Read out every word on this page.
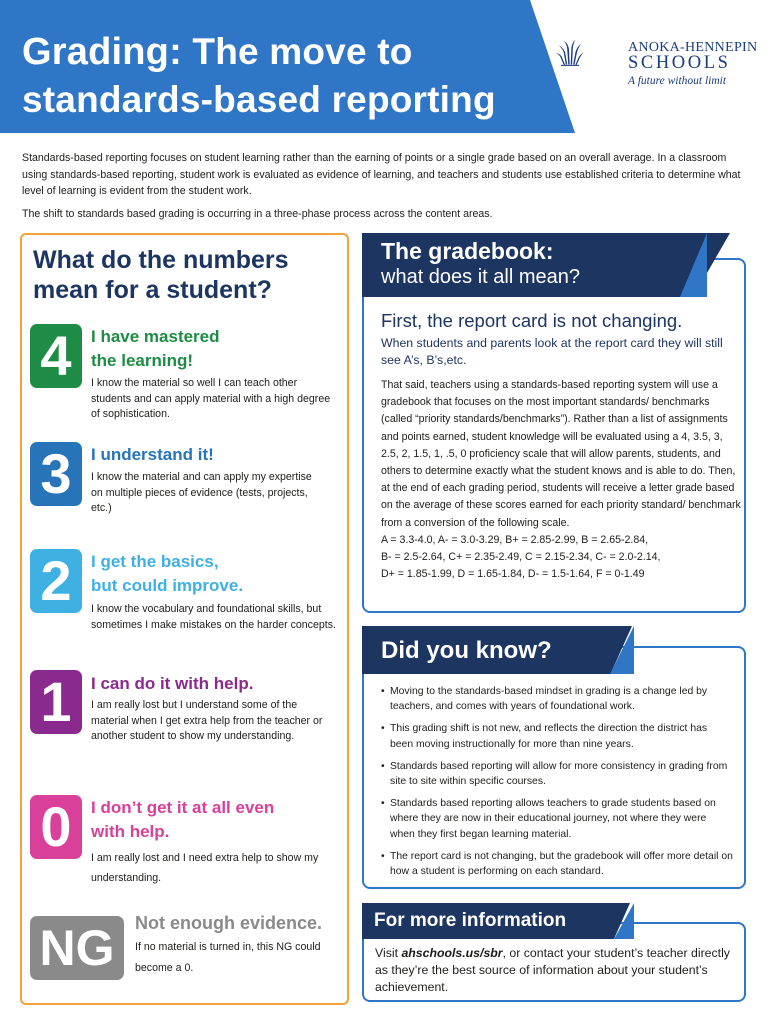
Grading: The move to
standards-based reporting
ANOKA-HENNEPIN
SCHOOLS
A future without limit

Standards-based reporting focuses on student learning rather than the earning of points or a single grade based on an overall average. In a classroom using standards-based reporting, student work is evaluated as evidence of learning, and teachers and students use established criteria to determine what level of learning is evident from the student work.

The shift to standards based grading is occurring in a three-phase process across the content areas.

What do the numbers mean for a student?
4	I have mastered
the learning!
I know the material so well I can teach other students and can apply material with a high degree of sophistication.
3	I understand it!
I know the material and can apply my expertise on multiple pieces of evidence (tests, projects, etc.)
2	I get the basics,
but could improve.
I know the vocabulary and foundational skills, but sometimes I make mistakes on the harder concepts.
1	I can do it with help.
I am really lost but I understand some of the material when I get extra help from the teacher or another student to show my understanding.
0	I don’t get it at all even
with help.
I am really lost and I need extra help to show my understanding.
NG	Not enough evidence.
If no material is turned in, this NG could become a 0.
The gradebook:
what does it all mean?
First, the report card is not changing.
When students and parents look at the report card they will still see A’s, B’s,etc.
That said, teachers using a standards-based reporting system will use a gradebook that focuses on the most important standards/ benchmarks (called “priority standards/benchmarks”). Rather than a list of assignments and points earned, student knowledge will be evaluated using a 4, 3.5, 3, 2.5, 2, 1.5, 1, .5, 0 proficiency scale that will allow parents, students, and others to determine exactly what the student knows and is able to do. Then, at the end of each grading period, students will receive a letter grade based on the average of these scores earned for each priority standard/ benchmark from a conversion of the following scale.
A = 3.3-4.0, A- = 3.0-3.29, B+ = 2.85-2.99, B = 2.65-2.84,
B- = 2.5-2.64, C+ = 2.35-2.49, C = 2.15-2.34, C- = 2.0-2.14,
D+ = 1.85-1.99, D = 1.65-1.84, D- = 1.5-1.64, F = 0-1.49
Did you know?
• Moving to the standards-based mindset in grading is a change led by teachers, and comes with years of foundational work.
• This grading shift is not new, and reflects the direction the district has been moving instructionally for more than nine years.
• Standards based reporting will allow for more consistency in grading from site to site within specific courses.
• Standards based reporting allows teachers to grade students based on where they are now in their educational journey, not where they were when they first began learning material.
• The report card is not changing, but the gradebook will offer more detail on how a student is performing on each standard.
For more information
Visit ahschools.us/sbr, or contact your student’s teacher directly as they’re the best source of information about your student’s achievement.
